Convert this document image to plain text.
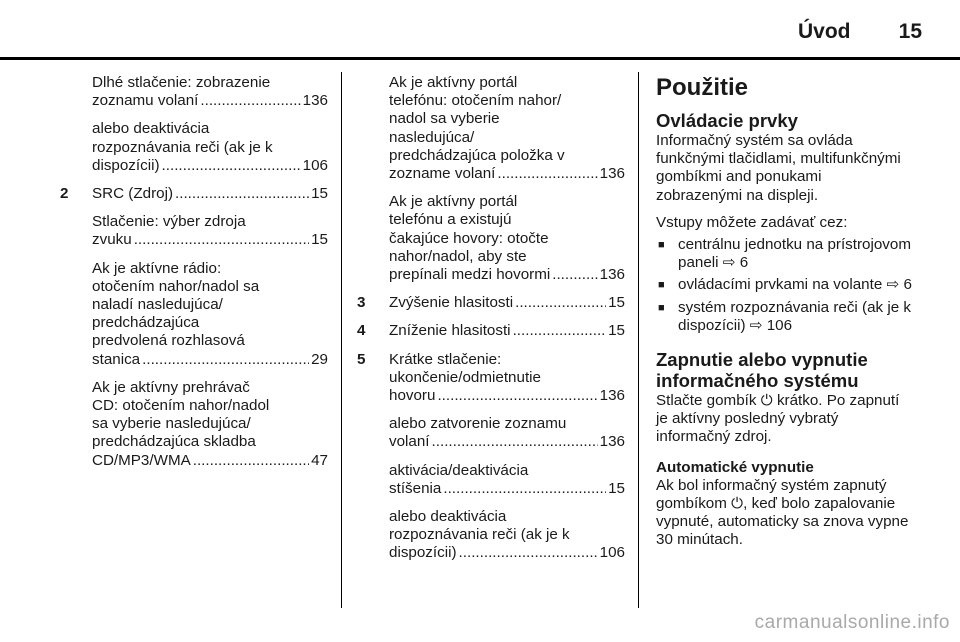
Úvod 15
Dlhé stlačenie: zobrazenie
zoznamu volaní .....	136
alebo deaktivácia
rozpoznávania reči (ak je k
dispozícii) .....	106
2	SRC (Zdroj) .....	15
Stlačenie: výber zdroja
zvuku .....	15
Ak je aktívne rádio:
otočením nahor/nadol sa
naladí nasledujúca/
predchádzajúca
predvolená rozhlasová
stanica .....	29
Ak je aktívny prehrávač
CD: otočením nahor/nadol
sa vyberie nasledujúca/
predchádzajúca skladba
CD/MP3/WMA .....	47
Ak je aktívny portál
telefónu: otočením nahor/
nadol sa vyberie
nasledujúca/
predchádzajúca položka v
zozname volaní .....	136
Ak je aktívny portál
telefónu a existujú
čakajúce hovory: otočte
nahor/nadol, aby ste
prepínali medzi hovormi .....	136
3	Zvýšenie hlasitosti .....	15
4	Zníženie hlasitosti .....	15
5	Krátke stlačenie:
ukončenie/odmietnutie
hovoru .....	136
alebo zatvorenie zoznamu
volaní .....	136
aktivácia/deaktivácia
stíšenia .....	15
alebo deaktivácia
rozpoznávania reči (ak je k
dispozícii) .....	106
Použitie
Ovládacie prvky
Informačný systém sa ovláda
funkčnými tlačidlami, multifunkčnými
gombíkmi and ponukami
zobrazenými na displeji.
Vstupy môžete zadávať cez:
■ centrálnu jednotku na prístrojovom
paneli ⇨ 6
■ ovládacími prvkami na volante ⇨ 6
■ systém rozpoznávania reči (ak je k
dispozícii) ⇨ 106
Zapnutie alebo vypnutie
informačného systému
Stlačte gombík ⏻ krátko. Po zapnutí
je aktívny posledný vybratý
informačný zdroj.
Automatické vypnutie
Ak bol informačný systém zapnutý
gombíkom ⏻, keď bolo zapalovanie
vypnuté, automaticky sa znova vypne
30 minútach.
carmanualsonline.info
